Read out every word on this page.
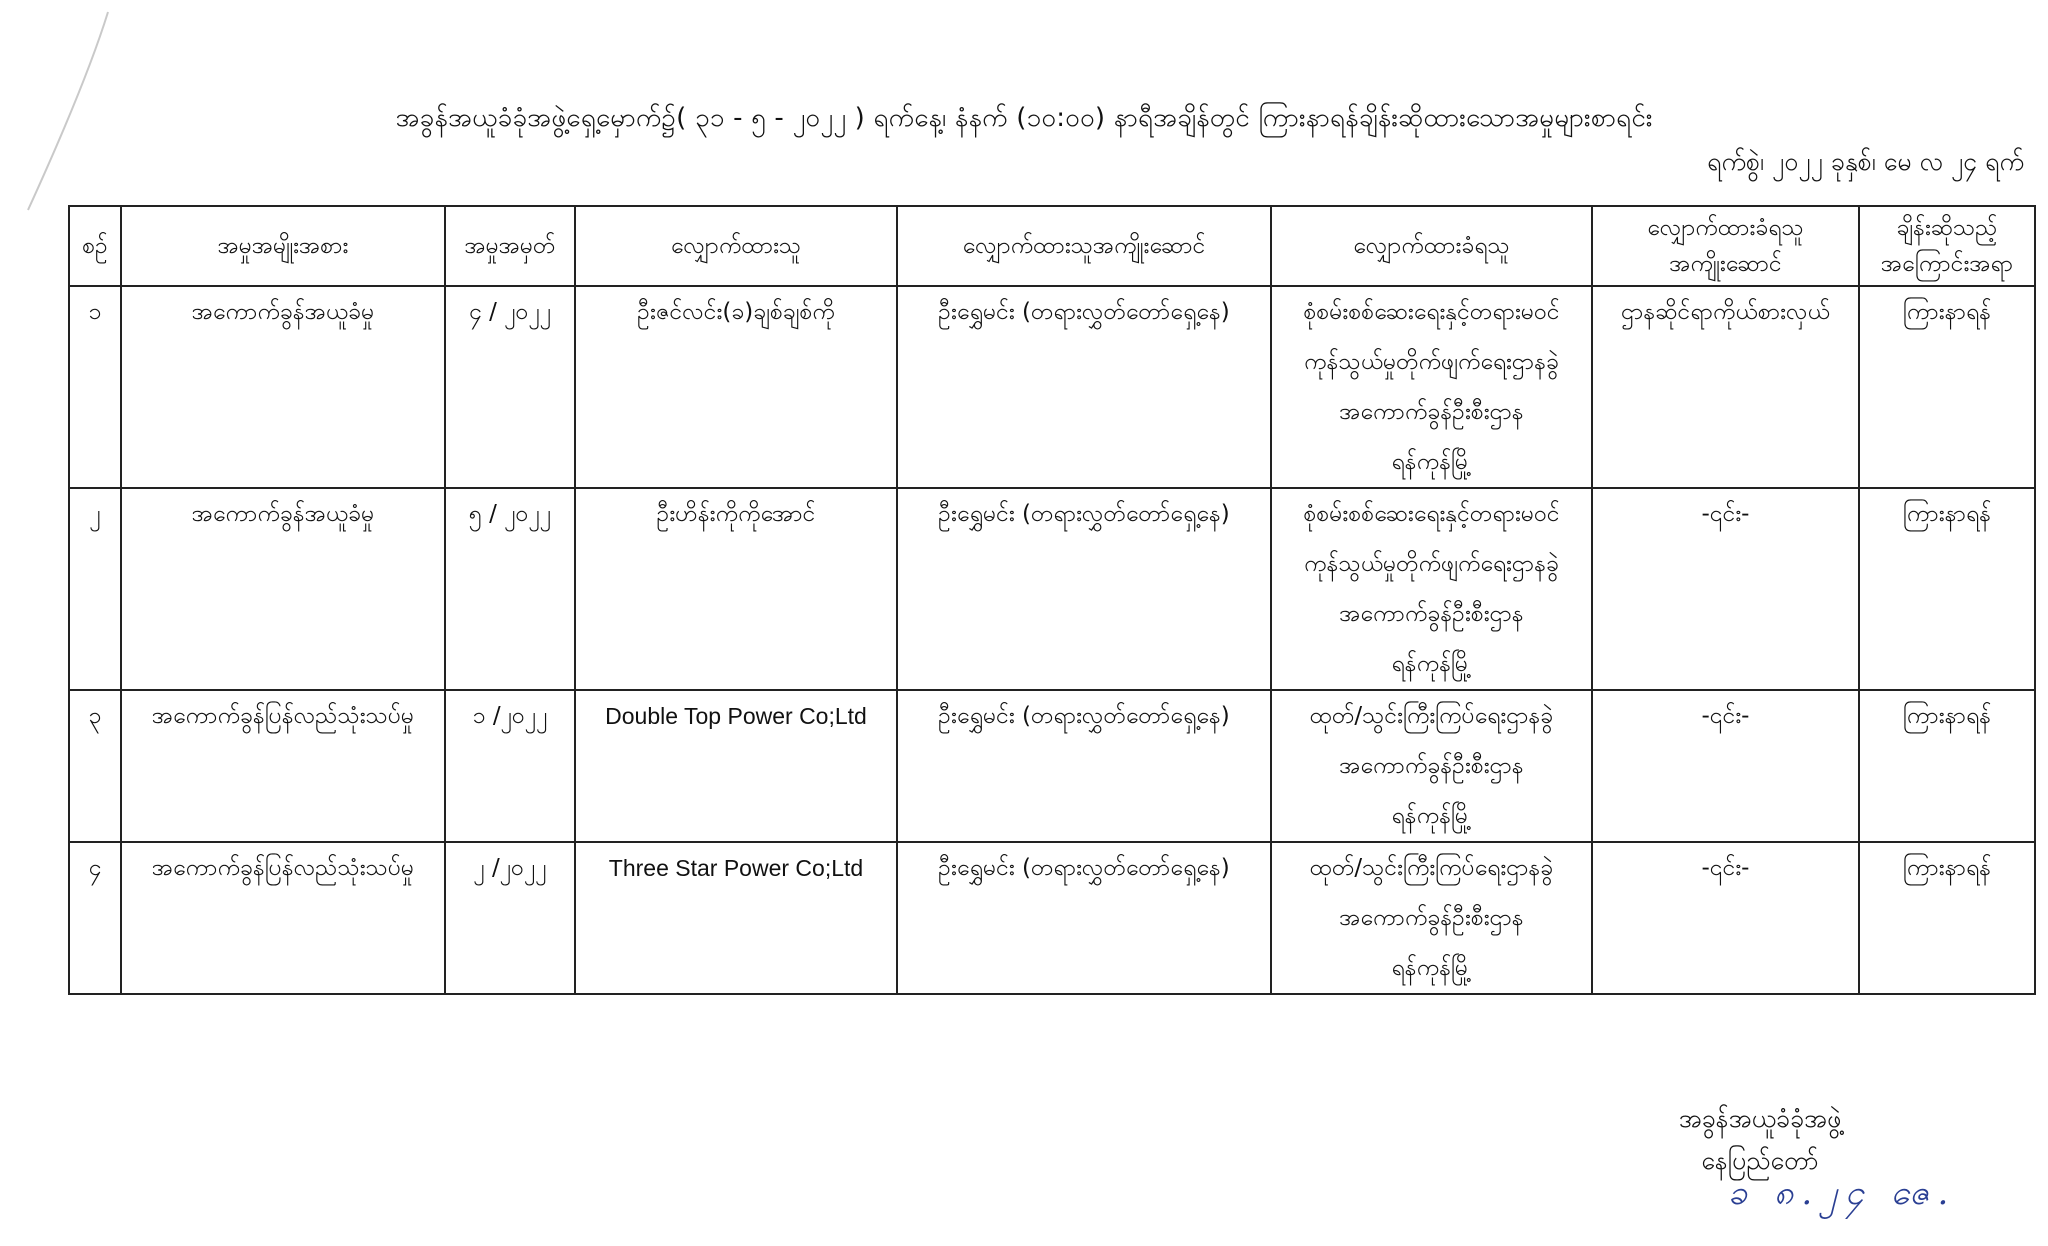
အခွန်အယူခံခုံအဖွဲ့ရှေ့မှောက်၌( ၃၁ - ၅ - ၂၀၂၂ ) ရက်နေ့၊ နံနက် (၁၀:၀၀) နာရီအချိန်တွင် ကြားနာရန်ချိန်းဆိုထားသောအမှုများစာရင်း
ရက်စွဲ၊ ၂၀၂၂ ခုနှစ်၊ မေ လ ၂၄ ရက်
စဉ်	အမှုအမျိုးအစား	အမှုအမှတ်	လျှောက်ထားသူ	လျှောက်ထားသူအကျိုးဆောင်	လျှောက်ထားခံရသူ	လျှောက်ထားခံရသူ အကျိုးဆောင်	ချိန်းဆိုသည့် အကြောင်းအရာ
၁	အကောက်ခွန်အယူခံမှု	၄ / ၂၀၂၂	ဦးဇင်လင်း(ခ)ချစ်ချစ်ကို	ဦးရွှေမင်း (တရားလွှတ်တော်ရှေ့နေ)	စုံစမ်းစစ်ဆေးရေးနှင့်တရားမဝင်
ကုန်သွယ်မှုတိုက်ဖျက်ရေးဌာနခွဲ
အကောက်ခွန်ဦးစီးဌာန
ရန်ကုန်မြို့	ဌာနဆိုင်ရာကိုယ်စားလှယ်	ကြားနာရန်
၂	အကောက်ခွန်အယူခံမှု	၅ / ၂၀၂၂	ဦးဟိန်းကိုကိုအောင်	ဦးရွှေမင်း (တရားလွှတ်တော်ရှေ့နေ)	စုံစမ်းစစ်ဆေးရေးနှင့်တရားမဝင်
ကုန်သွယ်မှုတိုက်ဖျက်ရေးဌာနခွဲ
အကောက်ခွန်ဦးစီးဌာန
ရန်ကုန်မြို့	-၎င်း-	ကြားနာရန်
၃	အကောက်ခွန်ပြန်လည်သုံးသပ်မှု	၁ /၂၀၂၂	Double Top Power Co;Ltd	ဦးရွှေမင်း (တရားလွှတ်တော်ရှေ့နေ)	ထုတ်/သွင်းကြီးကြပ်ရေးဌာနခွဲ
အကောက်ခွန်ဦးစီးဌာန
ရန်ကုန်မြို့	-၎င်း-	ကြားနာရန်
၄	အကောက်ခွန်ပြန်လည်သုံးသပ်မှု	၂ /၂၀၂၂	Three Star Power Co;Ltd	ဦးရွှေမင်း (တရားလွှတ်တော်ရှေ့နေ)	ထုတ်/သွင်းကြီးကြပ်ရေးဌာနခွဲ
အကောက်ခွန်ဦးစီးဌာန
ရန်ကုန်မြို့	-၎င်း-	ကြားနာရန်
အခွန်အယူခံခုံအဖွဲ့
နေပြည်တော်
ခ ၈.၂၄ ဇေ.
